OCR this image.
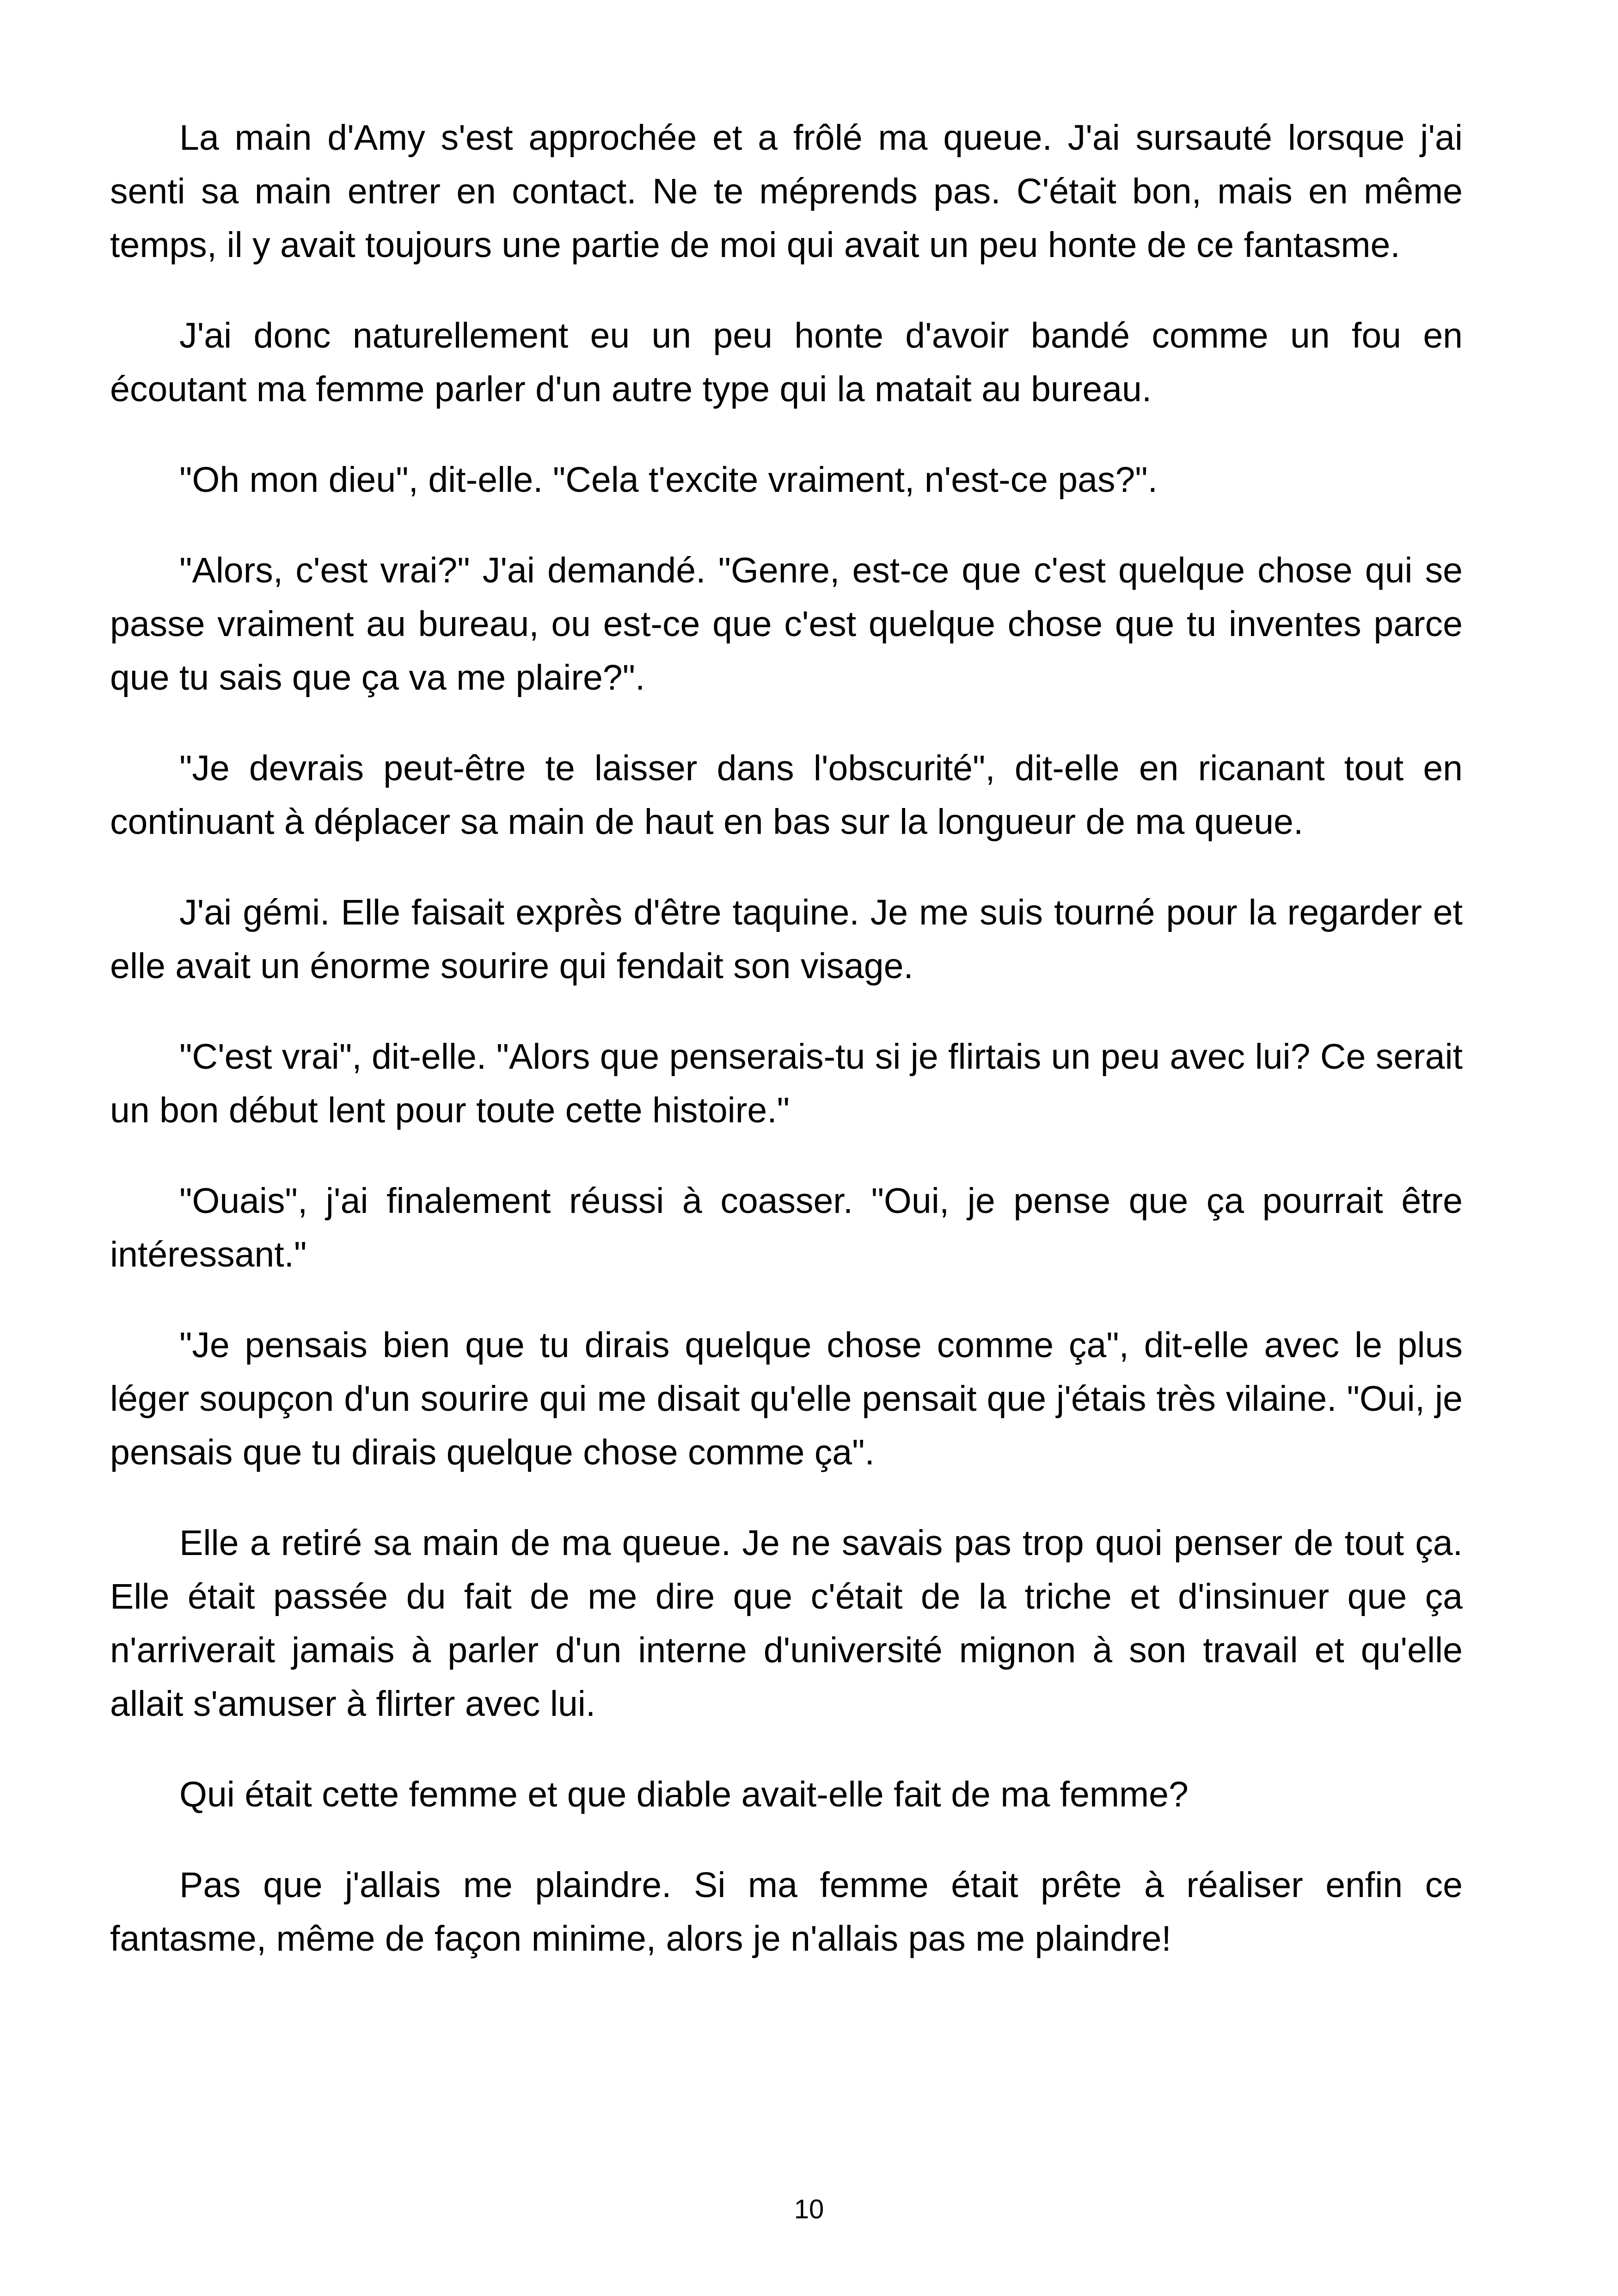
La main d'Amy s'est approchée et a frôlé ma queue. J'ai sursauté lorsque j'ai senti sa main entrer en contact. Ne te méprends pas. C'était bon, mais en même temps, il y avait toujours une partie de moi qui avait un peu honte de ce fantasme.

J'ai donc naturellement eu un peu honte d'avoir bandé comme un fou en écoutant ma femme parler d'un autre type qui la matait au bureau.

"Oh mon dieu", dit-elle. "Cela t'excite vraiment, n'est-ce pas?".

"Alors, c'est vrai?" J'ai demandé. "Genre, est-ce que c'est quelque chose qui se passe vraiment au bureau, ou est-ce que c'est quelque chose que tu inventes parce que tu sais que ça va me plaire?".

"Je devrais peut-être te laisser dans l'obscurité", dit-elle en ricanant tout en continuant à déplacer sa main de haut en bas sur la longueur de ma queue.

J'ai gémi. Elle faisait exprès d'être taquine. Je me suis tourné pour la regarder et elle avait un énorme sourire qui fendait son visage.

"C'est vrai", dit-elle. "Alors que penserais-tu si je flirtais un peu avec lui? Ce serait un bon début lent pour toute cette histoire."

"Ouais", j'ai finalement réussi à coasser. "Oui, je pense que ça pourrait être intéressant."

"Je pensais bien que tu dirais quelque chose comme ça", dit-elle avec le plus léger soupçon d'un sourire qui me disait qu'elle pensait que j'étais très vilaine. "Oui, je pensais que tu dirais quelque chose comme ça".

Elle a retiré sa main de ma queue. Je ne savais pas trop quoi penser de tout ça. Elle était passée du fait de me dire que c'était de la triche et d'insinuer que ça n'arriverait jamais à parler d'un interne d'université mignon à son travail et qu'elle allait s'amuser à flirter avec lui.

Qui était cette femme et que diable avait-elle fait de ma femme?

Pas que j'allais me plaindre. Si ma femme était prête à réaliser enfin ce fantasme, même de façon minime, alors je n'allais pas me plaindre!

10
